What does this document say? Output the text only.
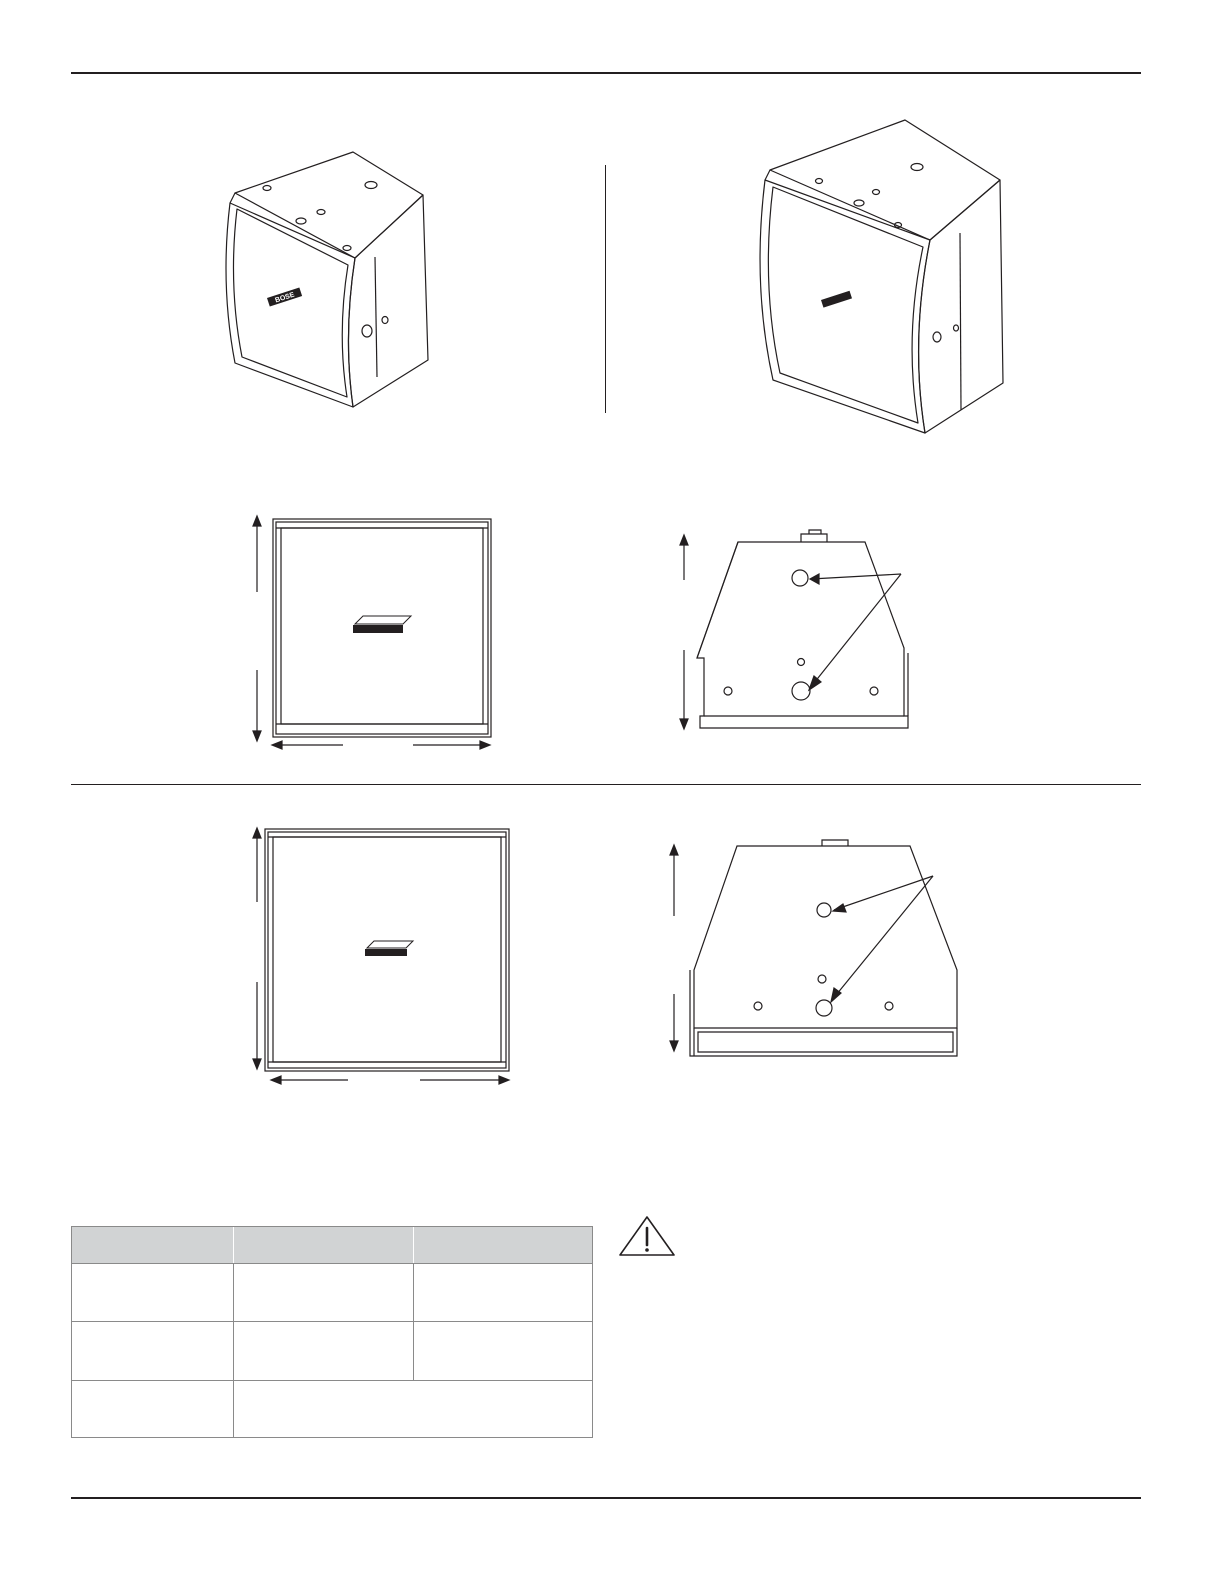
BOSE
